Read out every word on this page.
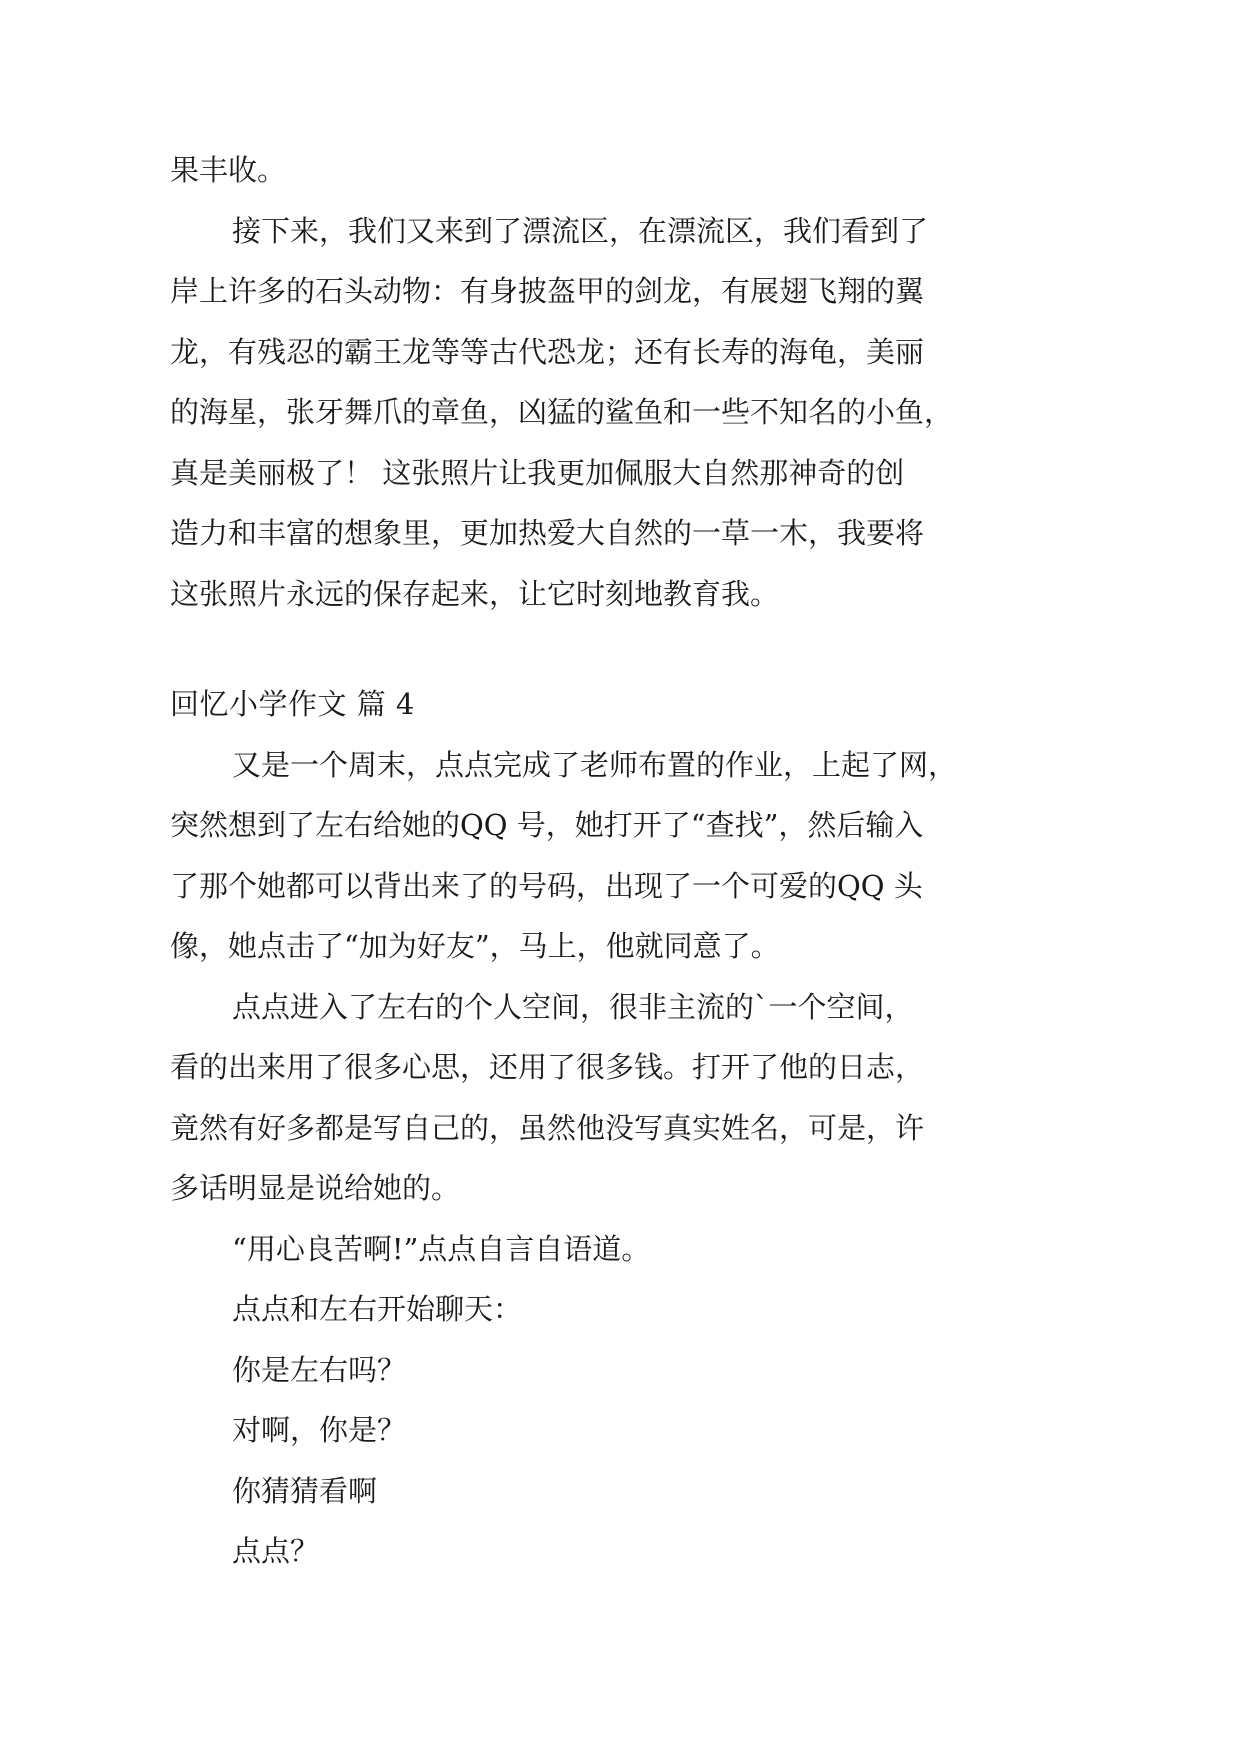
果丰收。
接下来，我们又来到了漂流区，在漂流区，我们看到了
岸上许多的石头动物：有身披盔甲的剑龙，有展翅飞翔的翼
龙，有残忍的霸王龙等等古代恐龙；还有长寿的海龟，美丽
的海星，张牙舞爪的章鱼，凶猛的鲨鱼和一些不知名的小鱼，
真是美丽极了！ 这张照片让我更加佩服大自然那神奇的创
造力和丰富的想象里，更加热爱大自然的一草一木，我要将
这张照片永远的保存起来，让它时刻地教育我。
回忆小学作文 篇 4
又是一个周末，点点完成了老师布置的作业，上起了网，
突然想到了左右给她的QQ 号，她打开了“查找”，然后输入
了那个她都可以背出来了的号码，出现了一个可爱的QQ 头
像，她点击了“加为好友”，马上，他就同意了。
点点进入了左右的个人空间，很非主流的`一个空间，
看的出来用了很多心思，还用了很多钱。打开了他的日志，
竟然有好多都是写自己的，虽然他没写真实姓名，可是，许
多话明显是说给她的。
“用心良苦啊!”点点自言自语道。
点点和左右开始聊天：
你是左右吗？
对啊，你是？
你猜猜看啊
点点？
